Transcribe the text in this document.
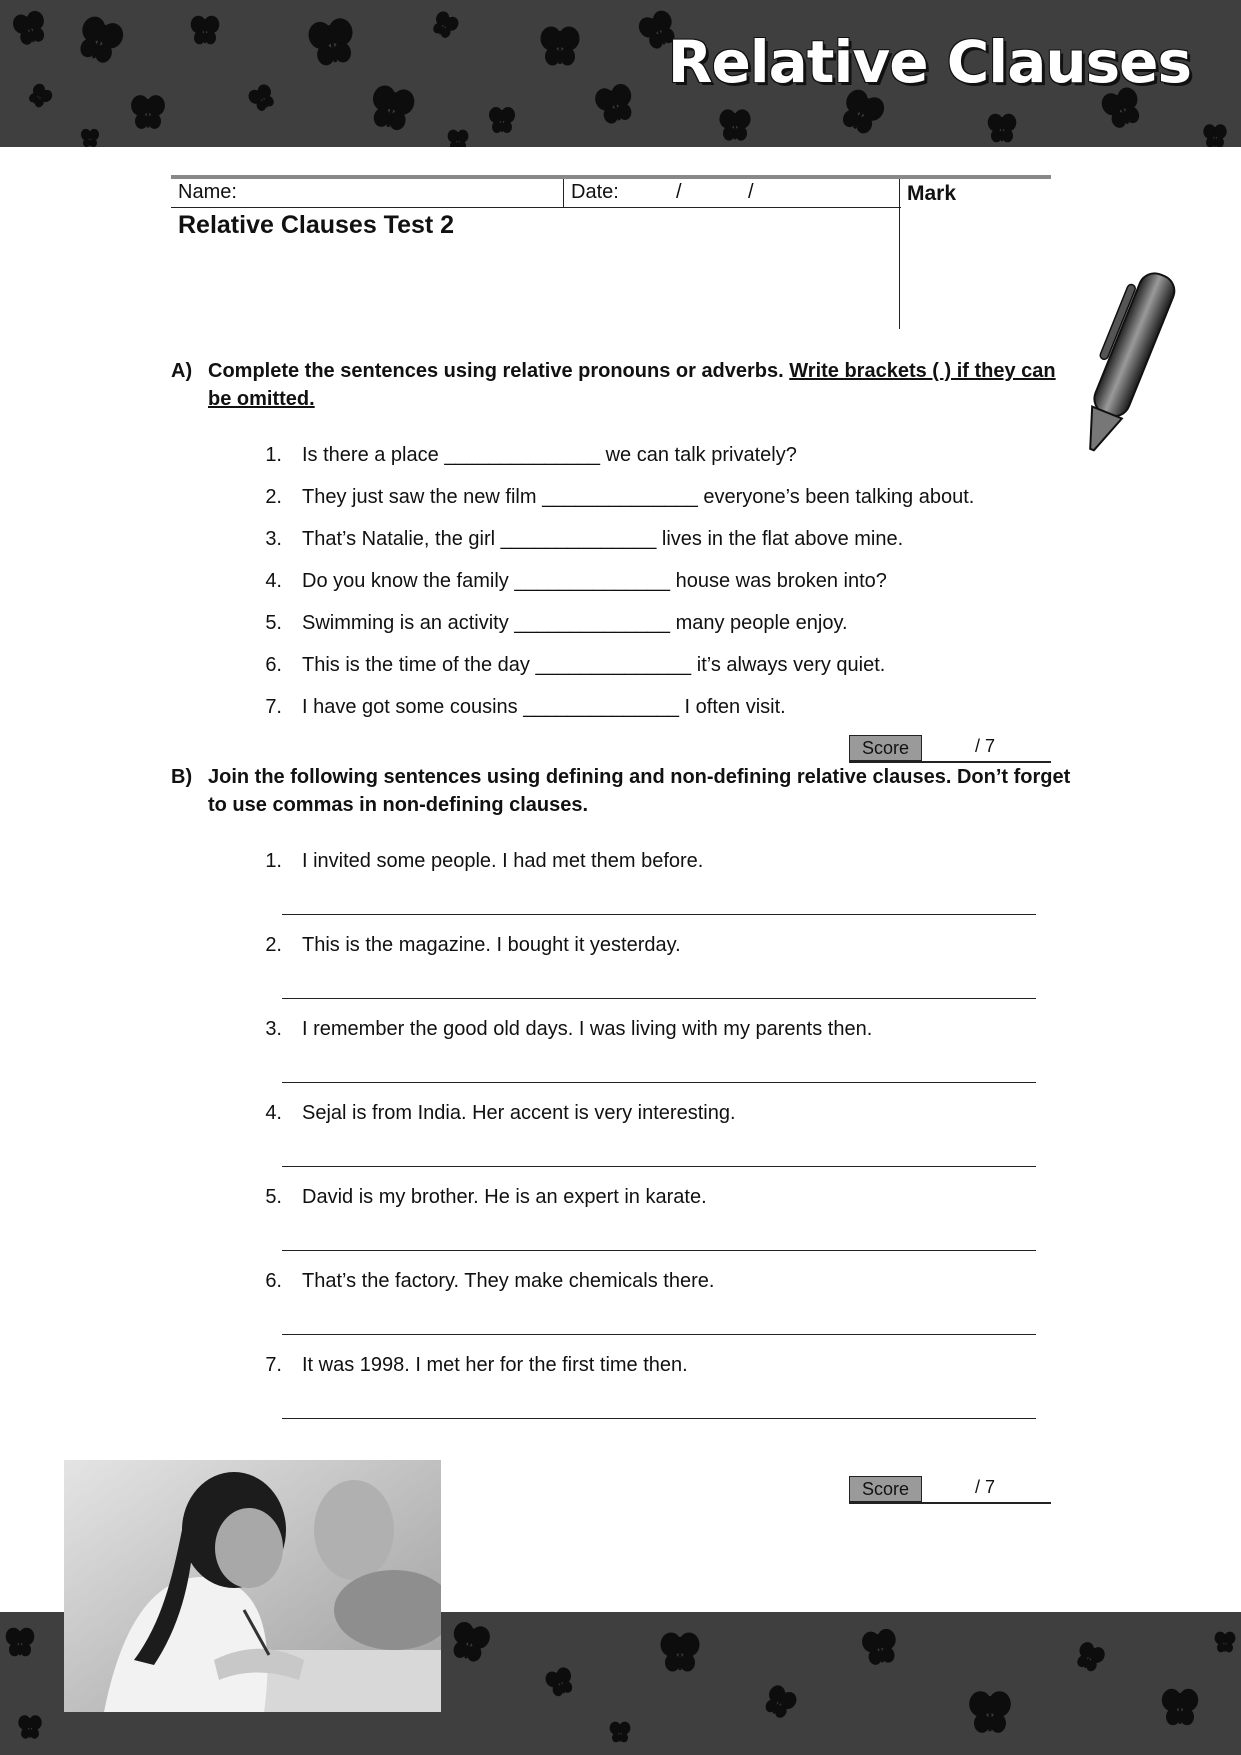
Relative Clauses
Name:	Date:	/	/	Mark
Relative Clauses Test 2
A) Complete the sentences using relative pronouns or adverbs. Write brackets ( ) if they can be omitted.
1. Is there a place ______________ we can talk privately?
2. They just saw the new film ______________ everyone’s been talking about.
3. That’s Natalie, the girl ______________ lives in the flat above mine.
4. Do you know the family ______________ house was broken into?
5. Swimming is an activity ______________ many people enjoy.
6. This is the time of the day ______________ it’s always very quiet.
7. I have got some cousins ______________ I often visit.
Score	/ 7
B) Join the following sentences using defining and non-defining relative clauses. Don’t forget to use commas in non-defining clauses.
1. I invited some people. I had met them before.
2. This is the magazine. I bought it yesterday.
3. I remember the good old days. I was living with my parents then.
4. Sejal is from India. Her accent is very interesting.
5. David is my brother. He is an expert in karate.
6. That’s the factory. They make chemicals there.
7. It was 1998. I met her for the first time then.
Score	/ 7
